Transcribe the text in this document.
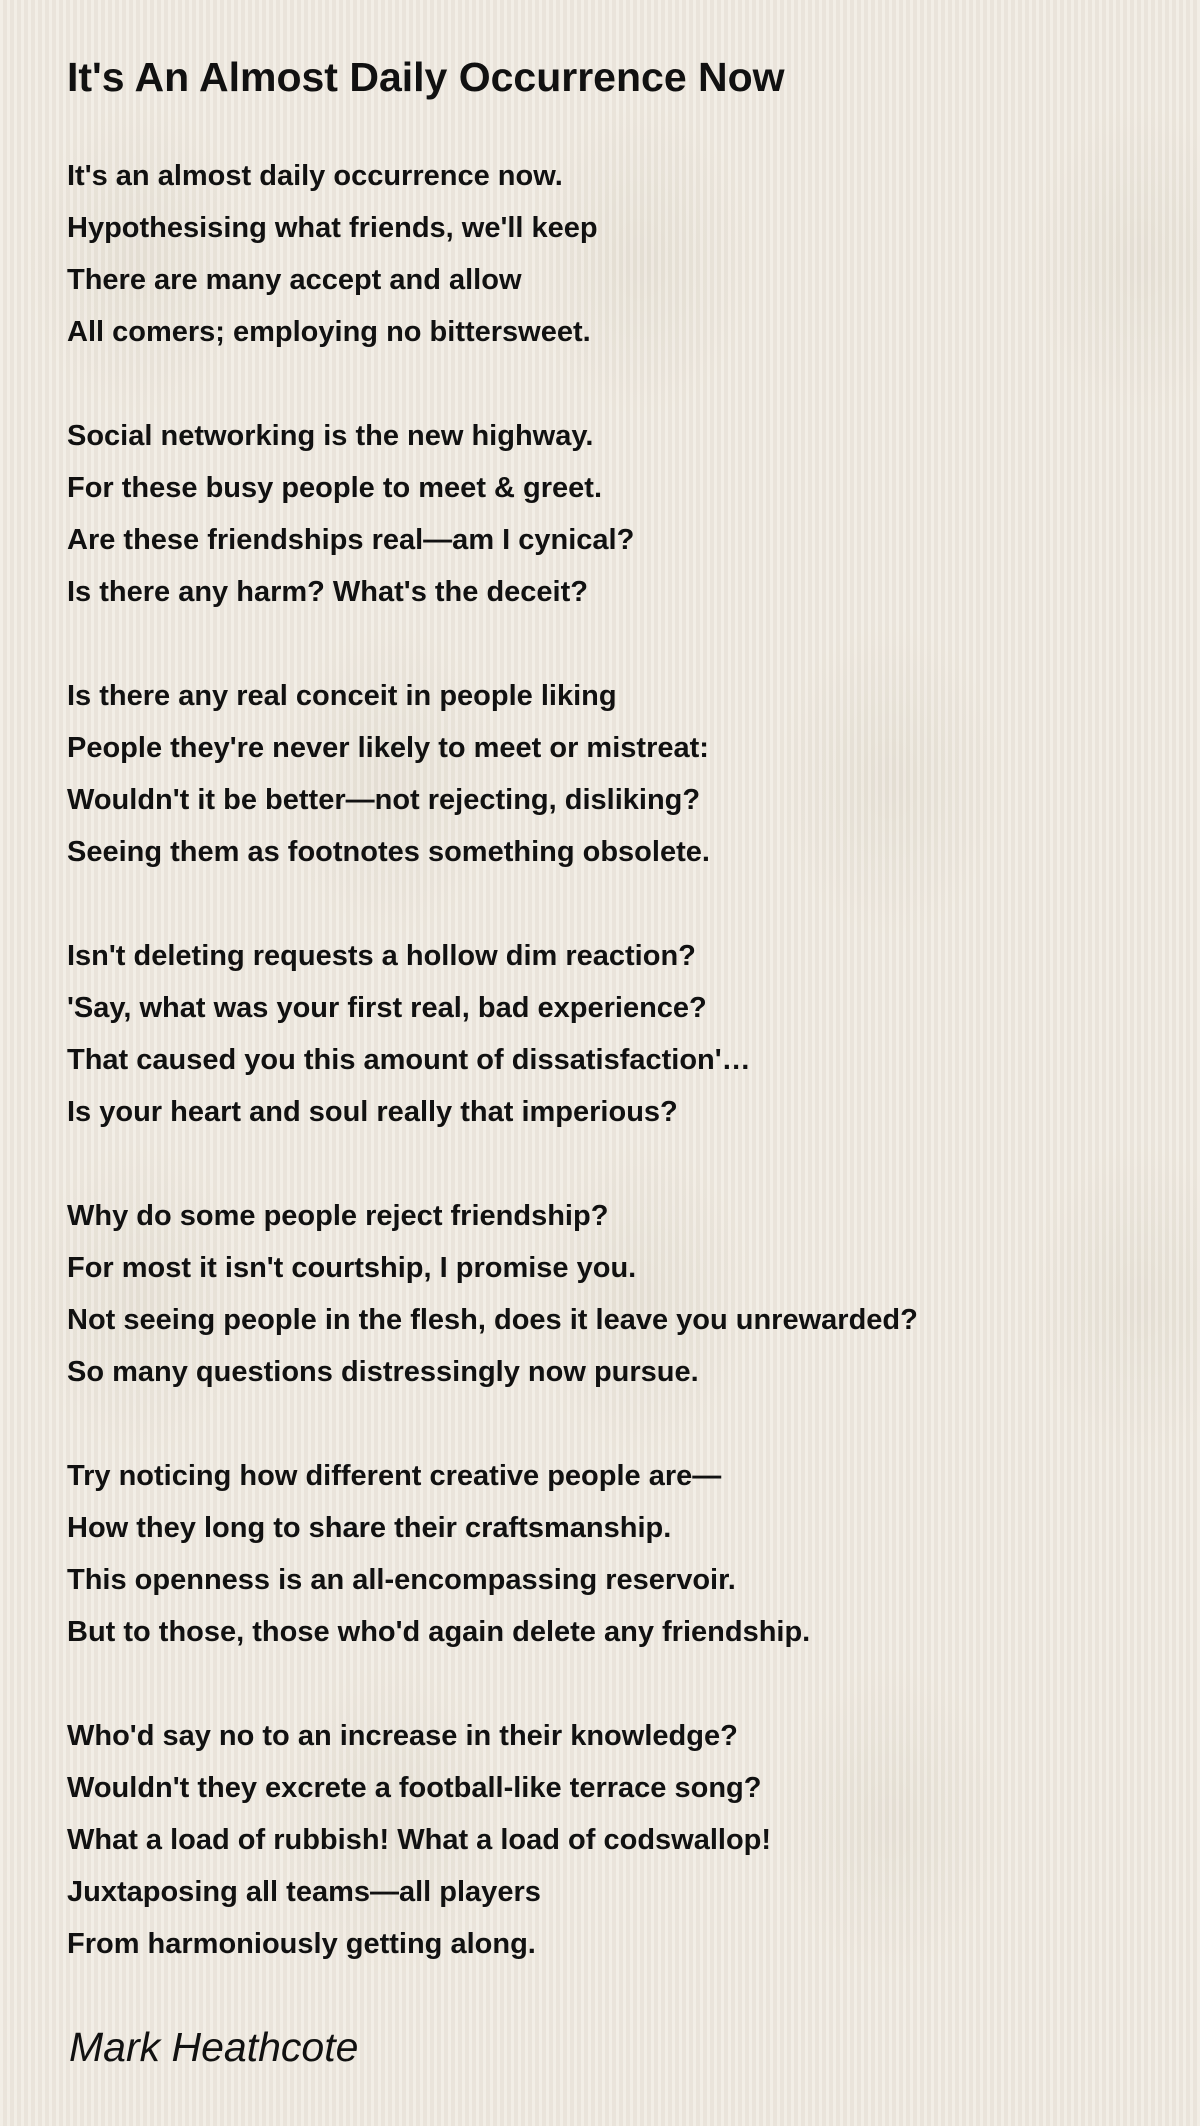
It's An Almost Daily Occurrence Now
It's an almost daily occurrence now.
Hypothesising what friends, we'll keep
There are many accept and allow
All comers; employing no bittersweet.
Social networking is the new highway.
For these busy people to meet & greet.
Are these friendships real—am I cynical?
Is there any harm? What's the deceit?
Is there any real conceit in people liking
People they're never likely to meet or mistreat:
Wouldn't it be better—not rejecting, disliking?
Seeing them as footnotes something obsolete.
Isn't deleting requests a hollow dim reaction?
'Say, what was your first real, bad experience?
That caused you this amount of dissatisfaction'…
Is your heart and soul really that imperious?
Why do some people reject friendship?
For most it isn't courtship, I promise you.
Not seeing people in the flesh, does it leave you unrewarded?
So many questions distressingly now pursue.
Try noticing how different creative people are—
How they long to share their craftsmanship.
This openness is an all-encompassing reservoir.
But to those, those who'd again delete any friendship.
Who'd say no to an increase in their knowledge?
Wouldn't they excrete a football-like terrace song?
What a load of rubbish! What a load of codswallop!
Juxtaposing all teams—all players
From harmoniously getting along.
Mark Heathcote
